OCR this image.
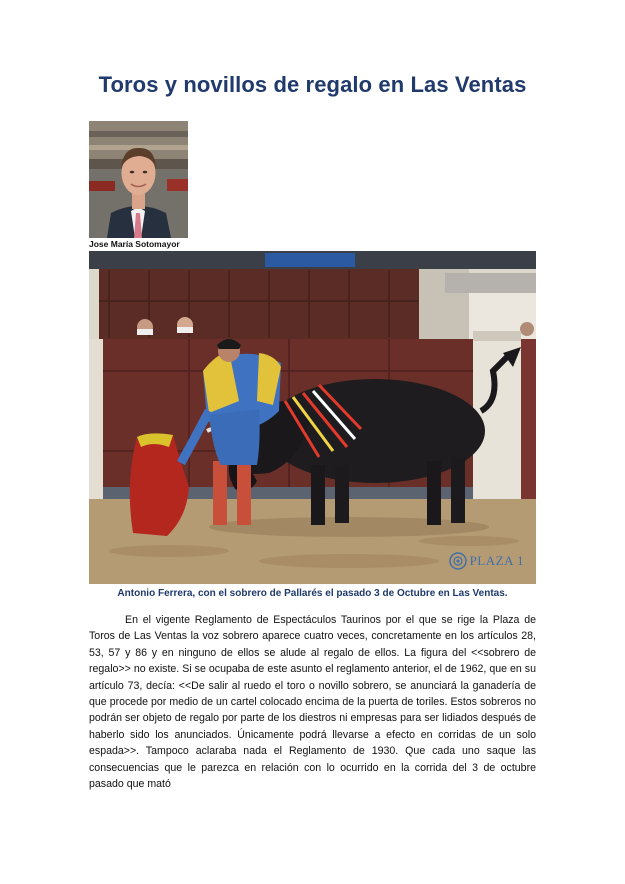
Toros y novillos de regalo en Las Ventas
Jose María Sotomayor
PLAZA 1
Antonio Ferrera, con el sobrero de Pallarés el pasado 3 de Octubre en Las Ventas.

En el vigente Reglamento de Espectáculos Taurinos por el que se rige la Plaza de Toros de Las Ventas la voz sobrero aparece cuatro veces, concretamente en los artículos 28, 53, 57 y 86 y en ninguno de ellos se alude al regalo de ellos. La figura del <<sobrero de regalo>> no existe. Si se ocupaba de este asunto el reglamento anterior, el de 1962, que en su artículo 73, decía: <<De salir al ruedo el toro o novillo sobrero, se anunciará la ganadería de que procede por medio de un cartel colocado encima de la puerta de toriles. Estos sobreros no podrán ser objeto de regalo por parte de los diestros ni empresas para ser lidiados después de haberlo sido los anunciados. Únicamente podrá llevarse a efecto en corridas de un solo espada>>. Tampoco aclaraba nada el Reglamento de 1930. Que cada uno saque las consecuencias que le parezca en relación con lo ocurrido en la corrida del 3 de octubre pasado que mató
